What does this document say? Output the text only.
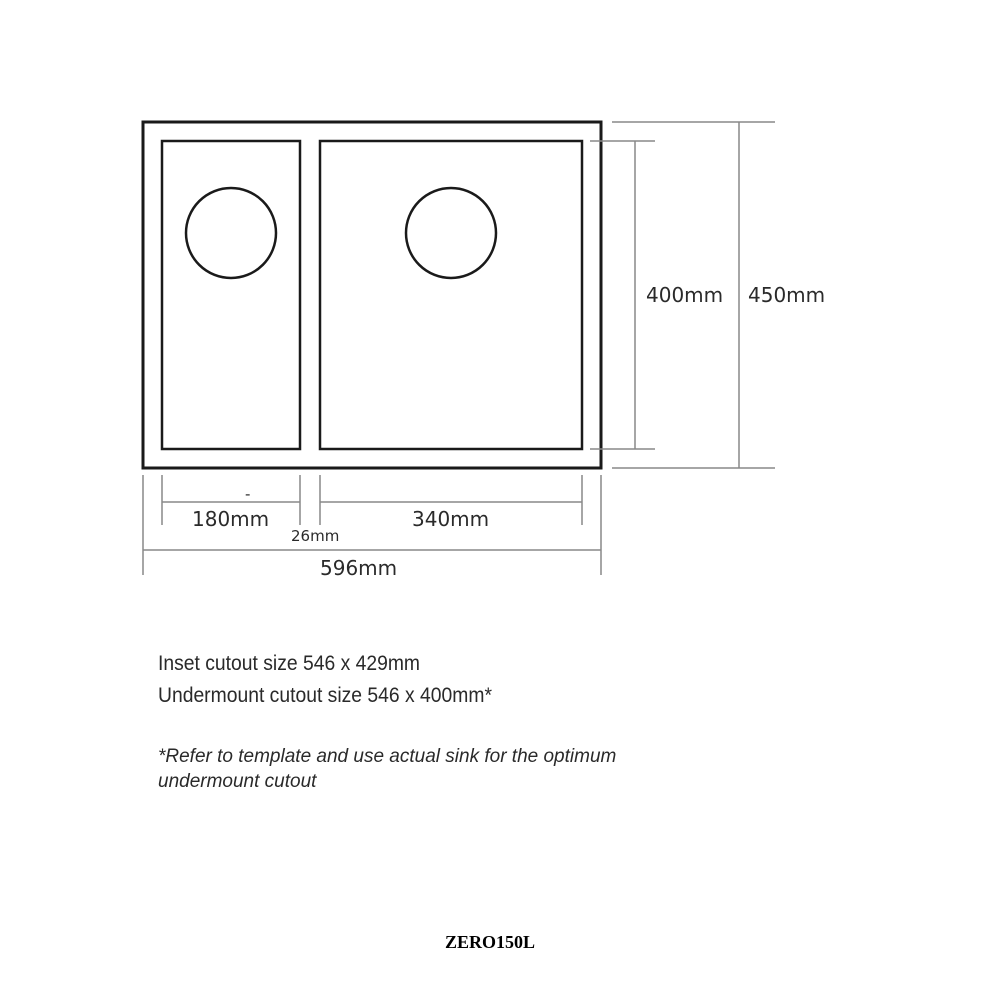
400mm 450mm
-
180mm	340mm
26mm
596mm
Inset cutout size 546 x 429mm
Undermount cutout size 546 x 400mm*
*Refer to template and use actual sink for the optimum
undermount cutout
ZERO150L
